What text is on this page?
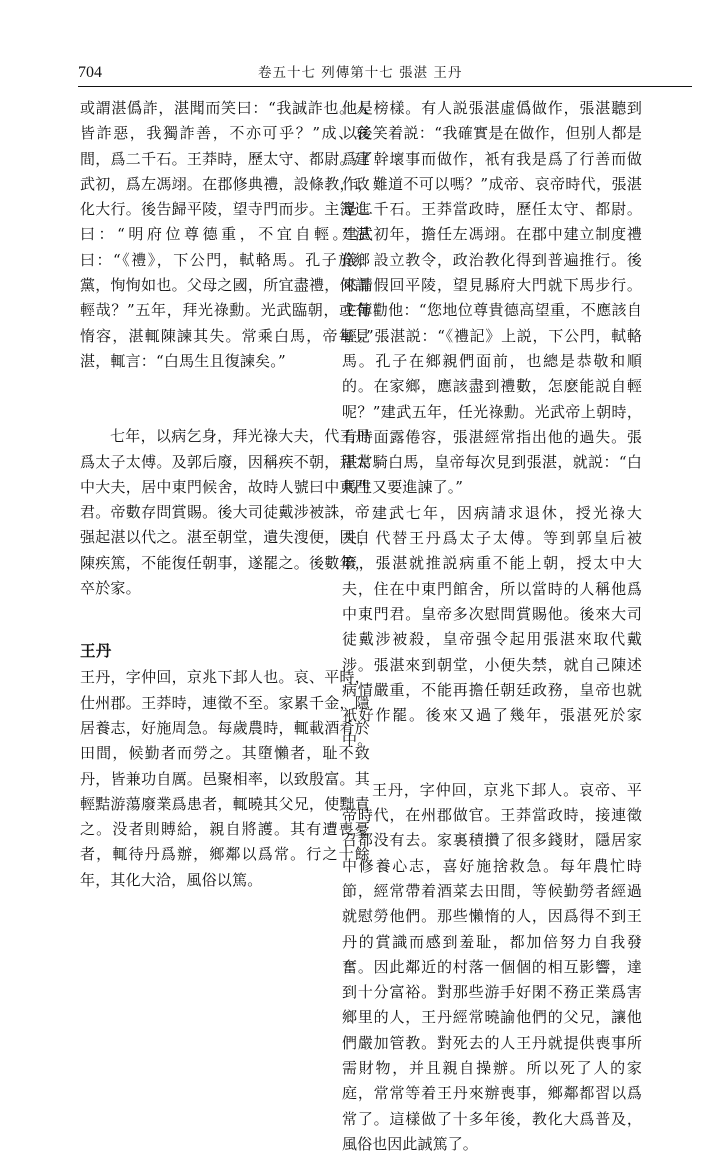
704	卷五十七 列傳第十七 張湛 王丹

或謂湛僞詐，湛聞而笑曰：“我誠詐也。人皆詐惡，我獨詐善，不亦可乎？”成、哀間，爲二千石。王莽時，歷太守、都尉。建武初，爲左馮翊。在郡修典禮，設條教，政化大行。後告歸平陵，望寺門而步。主簿進曰：“明府位尊德重，不宜自輕。”湛曰：“《禮》，下公門，軾輅馬。孔子於鄉黨，恂恂如也。父母之國，所宜盡禮，何謂輕哉？”五年，拜光祿勳。光武臨朝，或有惰容，湛輒陳諫其失。常乘白馬，帝每見湛，輒言：“白馬生且復諫矣。”

七年，以病乞身，拜光祿大夫，代王丹爲太子太傅。及郭后廢，因稱疾不朝，拜太中大夫，居中東門候舍，故時人號曰中東門君。帝數存問賞賜。後大司徒戴涉被誅，帝强起湛以代之。湛至朝堂，遺失溲便，因自陳疾篤，不能復任朝事，遂罷之。後數年，卒於家。

王丹

王丹，字仲回，京兆下邽人也。哀、平時，仕州郡。王莽時，連徵不至。家累千金，隱居養志，好施周急。每歲農時，輒載酒肴於田間，候勤者而勞之。其墮懶者，耻不致丹，皆兼功自厲。邑聚相率，以致殷富。其輕黠游蕩廢業爲患者，輒曉其父兄，使黜責之。没者則賻給，親自將護。其有遭喪憂者，輒待丹爲辦，鄉鄰以爲常。行之十餘年，其化大洽，風俗以篤。

他是榜樣。有人説張湛虛僞做作，張湛聽到以後笑着説：“我確實是在做作，但别人都是爲了幹壞事而做作，衹有我是爲了行善而做作，難道不可以嗎？”成帝、哀帝時代，張湛是二千石。王莽當政時，歷任太守、都尉。建武初年，擔任左馮翊。在郡中建立制度禮儀，設立教令，政治教化得到普遍推行。後來請假回平陵，望見縣府大門就下馬步行。主簿勸他：“您地位尊貴德高望重，不應該自輕。”張湛説：“《禮記》上説，下公門，軾輅馬。孔子在鄉親們面前，也總是恭敬和順的。在家鄉，應該盡到禮數，怎麽能説自輕呢？”建武五年，任光祿勳。光武帝上朝時，有時面露倦容，張湛經常指出他的過失。張湛常騎白馬，皇帝每次見到張湛，就説：“白馬生又要進諫了。”

建武七年，因病請求退休，授光祿大夫，代替王丹爲太子太傅。等到郭皇后被廢，張湛就推説病重不能上朝，授太中大夫，住在中東門館舍，所以當時的人稱他爲中東門君。皇帝多次慰問賞賜他。後來大司徒戴涉被殺，皇帝强令起用張湛來取代戴涉。張湛來到朝堂，小便失禁，就自己陳述病情嚴重，不能再擔任朝廷政務，皇帝也就衹好作罷。後來又過了幾年，張湛死於家中。

王丹，字仲回，京兆下邽人。哀帝、平帝時代，在州郡做官。王莽當政時，接連徵召都没有去。家裏積攢了很多錢財，隱居家中修養心志，喜好施捨救急。每年農忙時節，經常帶着酒菜去田間，等候勤勞者經過就慰勞他們。那些懶惰的人，因爲得不到王丹的賞識而感到羞耻，都加倍努力自我發奮。因此鄰近的村落一個個的相互影響，達到十分富裕。對那些游手好閑不務正業爲害鄉里的人，王丹經常曉諭他們的父兄，讓他們嚴加管教。對死去的人王丹就提供喪事所需財物，并且親自操辦。所以死了人的家庭，常常等着王丹來辦喪事，鄉鄰都習以爲常了。這樣做了十多年後，教化大爲普及，風俗也因此誠篤了。
